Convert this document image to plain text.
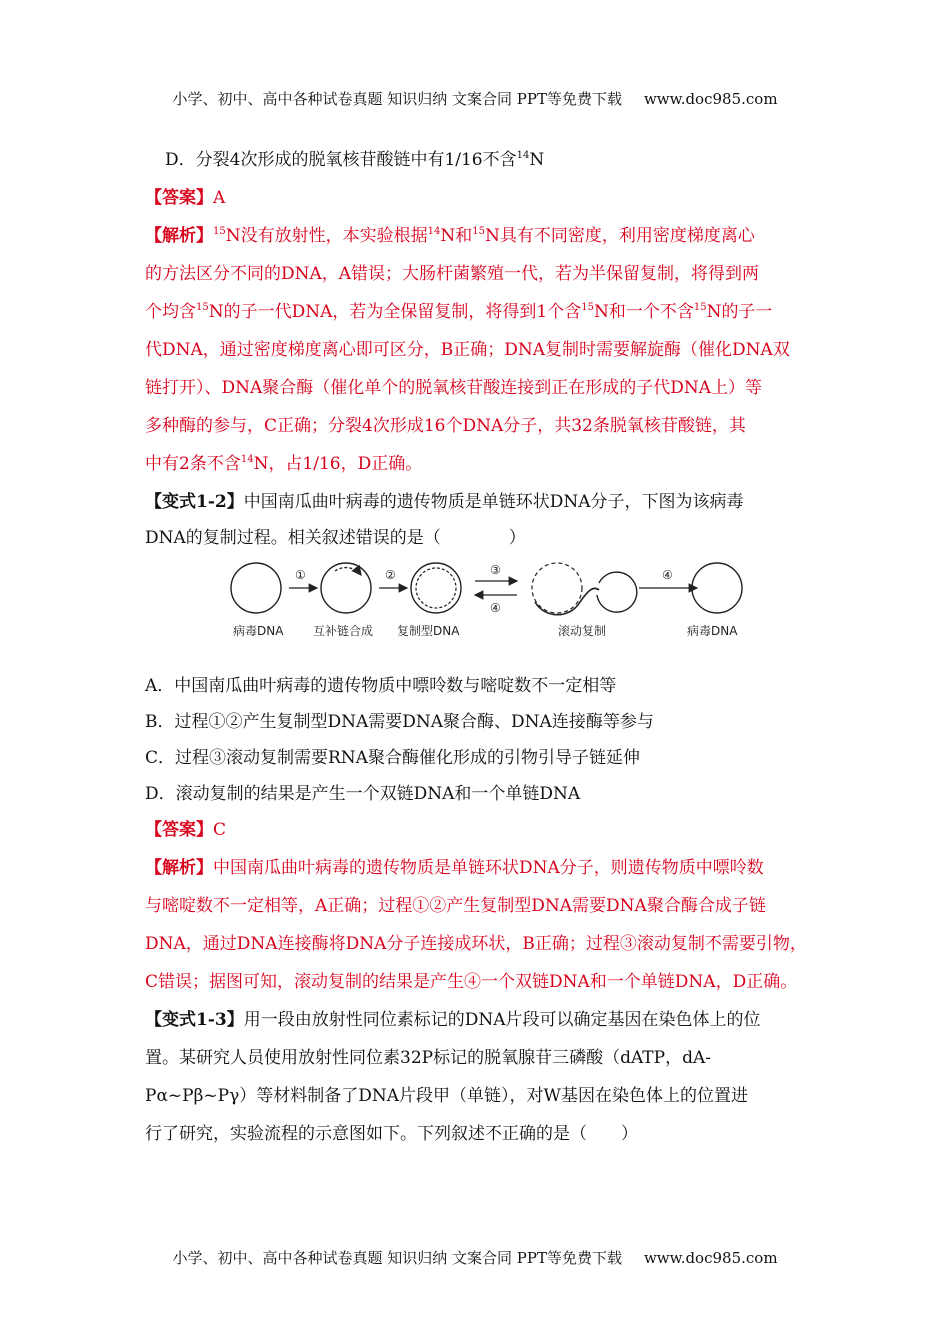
小学、初中、高中各种试卷真题 知识归纳 文案合同 PPT等免费下载 www.doc985.com
D．分裂4次形成的脱氧核苷酸链中有1/16不含$^{14}$N
【答案】A
【解析】$^{15}$N没有放射性，本实验根据$^{14}$N和$^{15}$N具有不同密度，利用密度梯度离心
的方法区分不同的DNA，A错误；大肠杆菌繁殖一代，若为半保留复制，将得到两
个均含$^{15}$N的子一代DNA，若为全保留复制，将得到1个含$^{15}$N和一个不含$^{15}$N的子一
代DNA，通过密度梯度离心即可区分，B正确；DNA复制时需要解旋酶（催化DNA双
链打开）、DNA聚合酶（催化单个的脱氧核苷酸连接到正在形成的子代DNA上）等
多种酶的参与，C正确；分裂4次形成16个DNA分子，共32条脱氧核苷酸链，其
中有2条不含$^{14}$N，占1/16，D正确。
【变式1-2】中国南瓜曲叶病毒的遗传物质是单链环状DNA分子，下图为该病毒
DNA的复制过程。相关叙述错误的是（　　　　）
①	②	③
④
④
病毒DNA 互补链合成 复制型DNA	滚动复制	病毒DNA
A．中国南瓜曲叶病毒的遗传物质中嘌呤数与嘧啶数不一定相等
B．过程①②产生复制型DNA需要DNA聚合酶、DNA连接酶等参与
C．过程③滚动复制需要RNA聚合酶催化形成的引物引导子链延伸
D．滚动复制的结果是产生一个双链DNA和一个单链DNA
【答案】C
【解析】中国南瓜曲叶病毒的遗传物质是单链环状DNA分子，则遗传物质中嘌呤数
与嘧啶数不一定相等，A正确；过程①②产生复制型DNA需要DNA聚合酶合成子链
DNA，通过DNA连接酶将DNA分子连接成环状，B正确；过程③滚动复制不需要引物，
C错误；据图可知，滚动复制的结果是产生④一个双链DNA和一个单链DNA，D正确。
【变式1-3】用一段由放射性同位素标记的DNA片段可以确定基因在染色体上的位
置。某研究人员使用放射性同位素32P标记的脱氧腺苷三磷酸（dATP，dA-
Pα~Pβ~Pγ）等材料制备了DNA片段甲（单链），对W基因在染色体上的位置进
行了研究，实验流程的示意图如下。下列叙述不正确的是（　　）
小学、初中、高中各种试卷真题 知识归纳 文案合同 PPT等免费下载 www.doc985.com
